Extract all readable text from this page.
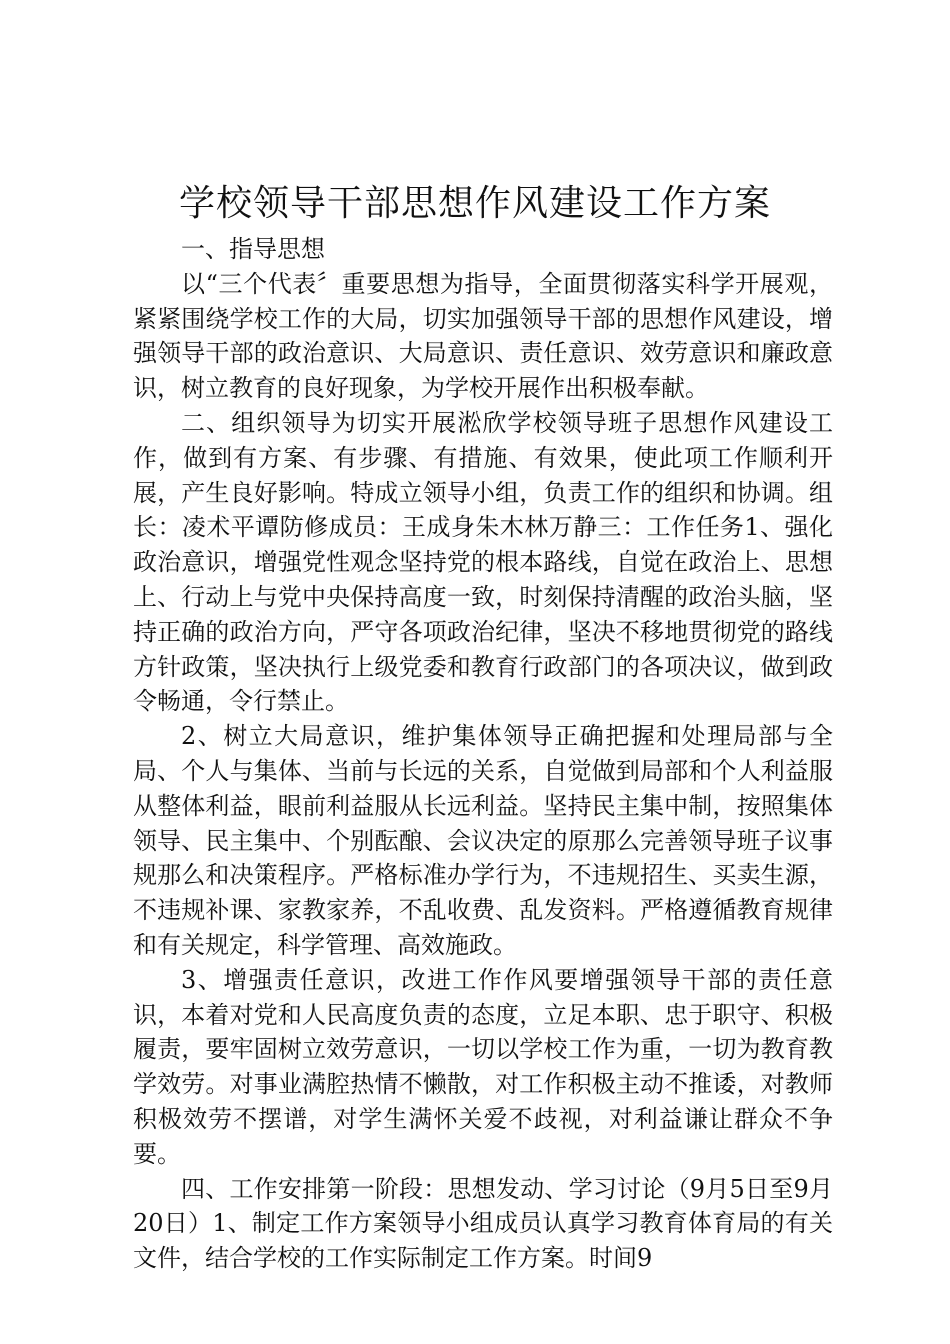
学校领导干部思想作风建设工作方案

一、指导思想

以“三个代表〞重要思想为指导，全面贯彻落实科学开展观，紧紧围绕学校工作的大局，切实加强领导干部的思想作风建设，增强领导干部的政治意识、大局意识、责任意识、效劳意识和廉政意识，树立教育的良好现象，为学校开展作出积极奉献。

二、组织领导为切实开展淞欣学校领导班子思想作风建设工作，做到有方案、有步骤、有措施、有效果，使此项工作顺利开展，产生良好影响。特成立领导小组，负责工作的组织和协调。组长：凌术平谭防修成员：王成身朱木林万静三：工作任务1、强化政治意识，增强党性观念坚持党的根本路线，自觉在政治上、思想上、行动上与党中央保持高度一致，时刻保持清醒的政治头脑，坚持正确的政治方向，严守各项政治纪律，坚决不移地贯彻党的路线方针政策，坚决执行上级党委和教育行政部门的各项决议，做到政令畅通，令行禁止。

2、树立大局意识，维护集体领导正确把握和处理局部与全局、个人与集体、当前与长远的关系，自觉做到局部和个人利益服从整体利益，眼前利益服从长远利益。坚持民主集中制，按照集体领导、民主集中、个别酝酿、会议决定的原那么完善领导班子议事规那么和决策程序。严格标准办学行为，不违规招生、买卖生源，不违规补课、家教家养，不乱收费、乱发资料。严格遵循教育规律和有关规定，科学管理、高效施政。

3、增强责任意识，改进工作作风要增强领导干部的责任意识，本着对党和人民高度负责的态度，立足本职、忠于职守、积极履责，要牢固树立效劳意识，一切以学校工作为重，一切为教育教学效劳。对事业满腔热情不懒散，对工作积极主动不推诿，对教师积极效劳不摆谱，对学生满怀关爱不歧视，对利益谦让群众不争要。

四、工作安排第一阶段：思想发动、学习讨论（9月5日至9月20日）1、制定工作方案领导小组成员认真学习教育体育局的有关文件，结合学校的工作实际制定工作方案。时间9
